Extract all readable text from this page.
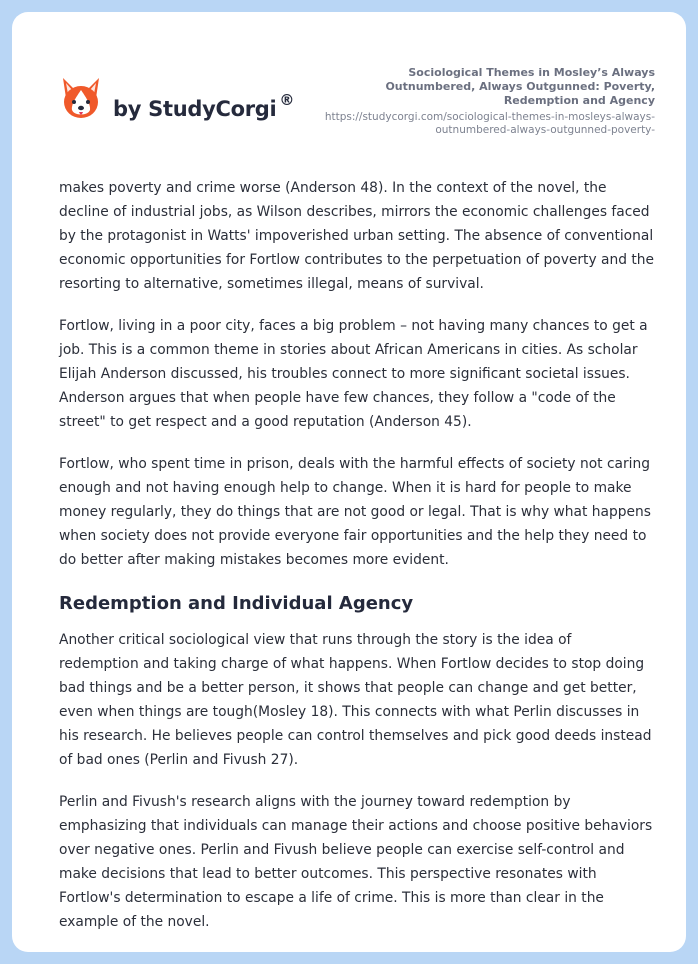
by StudyCorgi ®
Sociological Themes in Mosley’s Always Outnumbered, Always Outgunned: Poverty, Redemption and Agency
https://studycorgi.com/sociological-themes-in-mosleys-always-outnumbered-always-outgunned-poverty-

makes poverty and crime worse (Anderson 48). In the context of the novel, the decline of industrial jobs, as Wilson describes, mirrors the economic challenges faced by the protagonist in Watts' impoverished urban setting. The absence of conventional economic opportunities for Fortlow contributes to the perpetuation of poverty and the resorting to alternative, sometimes illegal, means of survival.

Fortlow, living in a poor city, faces a big problem – not having many chances to get a job. This is a common theme in stories about African Americans in cities. As scholar Elijah Anderson discussed, his troubles connect to more significant societal issues. Anderson argues that when people have few chances, they follow a "code of the street" to get respect and a good reputation (Anderson 45).

Fortlow, who spent time in prison, deals with the harmful effects of society not caring enough and not having enough help to change. When it is hard for people to make money regularly, they do things that are not good or legal. That is why what happens when society does not provide everyone fair opportunities and the help they need to do better after making mistakes becomes more evident.

Redemption and Individual Agency

Another critical sociological view that runs through the story is the idea of redemption and taking charge of what happens. When Fortlow decides to stop doing bad things and be a better person, it shows that people can change and get better, even when things are tough(Mosley 18). This connects with what Perlin discusses in his research. He believes people can control themselves and pick good deeds instead of bad ones (Perlin and Fivush 27).

Perlin and Fivush's research aligns with the journey toward redemption by emphasizing that individuals can manage their actions and choose positive behaviors over negative ones. Perlin and Fivush believe people can exercise self-control and make decisions that lead to better outcomes. This perspective resonates with Fortlow's determination to escape a life of crime. This is more than clear in the example of the novel.
